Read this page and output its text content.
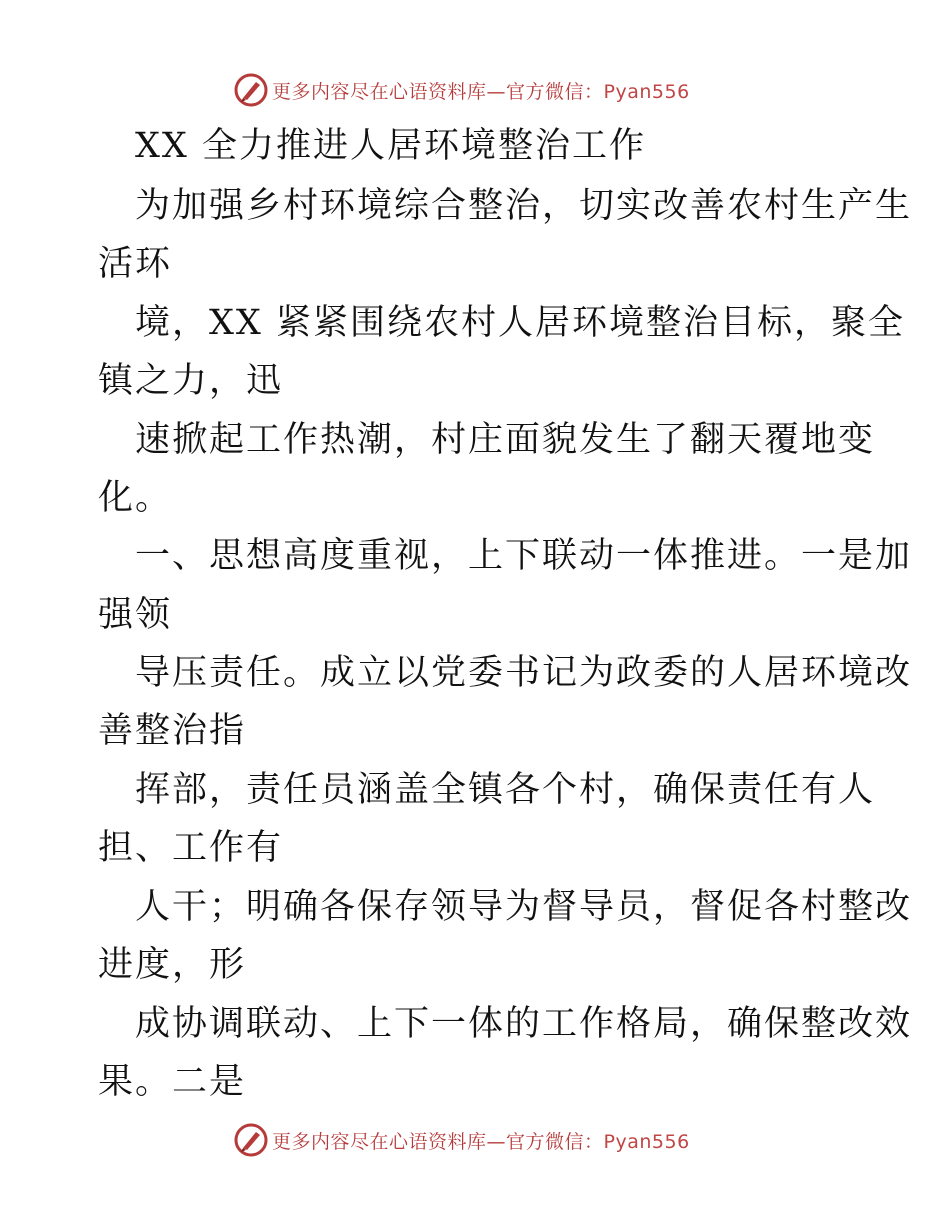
更多内容尽在心语资料库—官方微信：Pyan556
XX 全力推进人居环境整治工作
为加强乡村环境综合整治，切实改善农村生产生
活环
境，XX 紧紧围绕农村人居环境整治目标，聚全
镇之力，迅
速掀起工作热潮，村庄面貌发生了翻天覆地变
化。
一、思想高度重视，上下联动一体推进。一是加
强领
导压责任。成立以党委书记为政委的人居环境改
善整治指
挥部，责任员涵盖全镇各个村，确保责任有人
担、工作有
人干；明确各保存领导为督导员，督促各村整改
进度，形
成协调联动、上下一体的工作格局，确保整改效
果。二是
更多内容尽在心语资料库—官方微信：Pyan556
